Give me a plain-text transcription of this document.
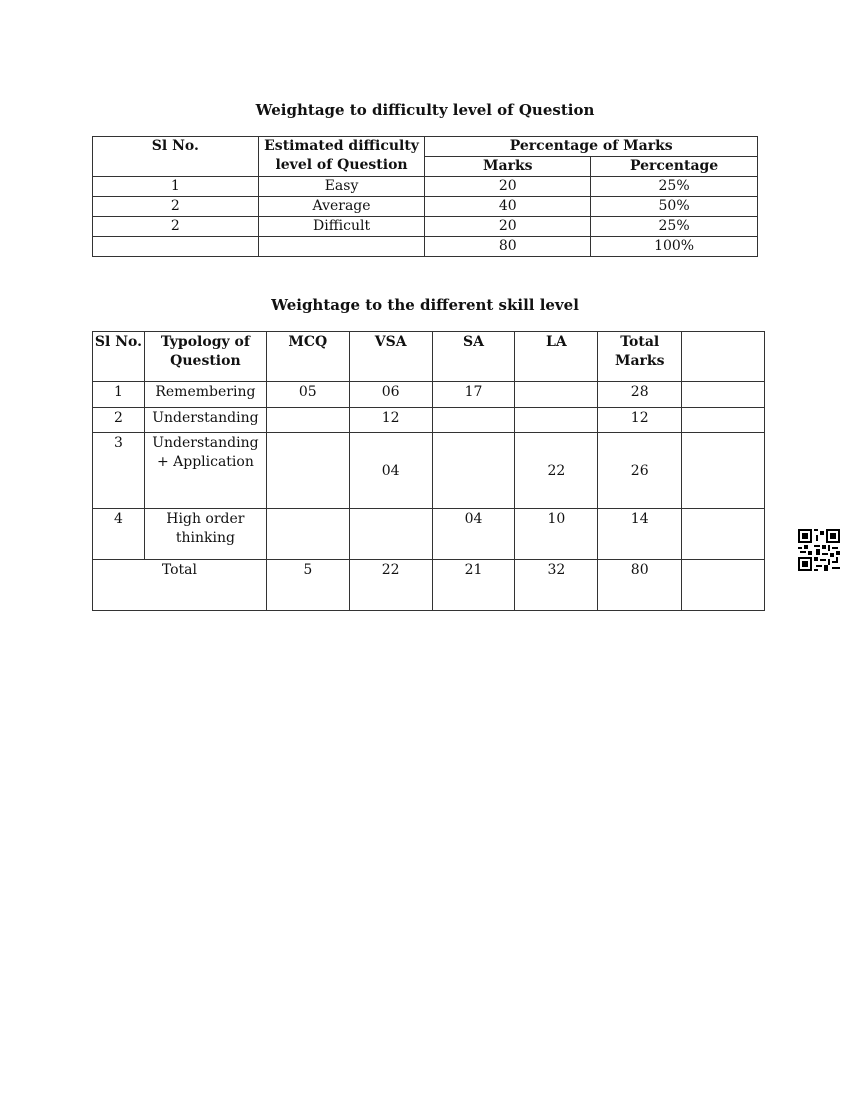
Weightage to difficulty level of Question
Sl No.	Estimated difficulty level of Question	Percentage of Marks	
		Marks	Percentage
1	Easy	20	25%
2	Average	40	50%
2	Difficult	20	25%
		80	100%
Weightage to the different skill level
Sl No.	Typology of Question	MCQ	VSA	SA	LA	Total Marks	
1	Remembering	05	06	17		28	
2	Understanding		12			12	
3	Understanding + Application		04		22	26	
4	High order thinking			04	10	14	
Total		5	22	21	32	80	
